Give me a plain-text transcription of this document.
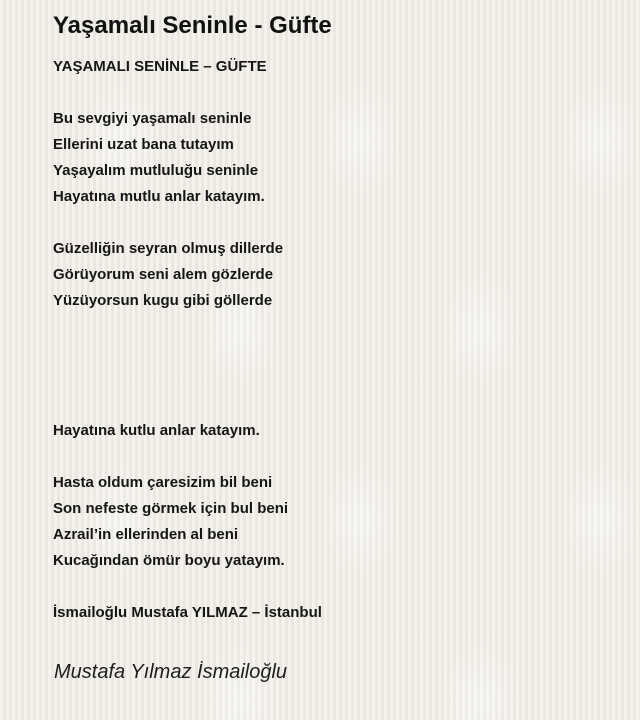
Yaşamalı Seninle - Güfte
YAŞAMALI SENİNLE – GÜFTE
Bu sevgiyi yaşamalı seninle
Ellerini uzat bana tutayım
Yaşayalım mutluluğu seninle
Hayatına mutlu anlar katayım.
Güzelliğin seyran olmuş dillerde
Görüyorum seni alem gözlerde
Yüzüyorsun kugu gibi göllerde
Hayatına kutlu anlar katayım.
Hasta oldum çaresizim bil beni
Son nefeste görmek için bul beni
Azrail’in ellerinden al beni
Kucağından ömür boyu yatayım.
İsmailoğlu Mustafa YILMAZ – İstanbul
Mustafa Yılmaz İsmailoğlu
